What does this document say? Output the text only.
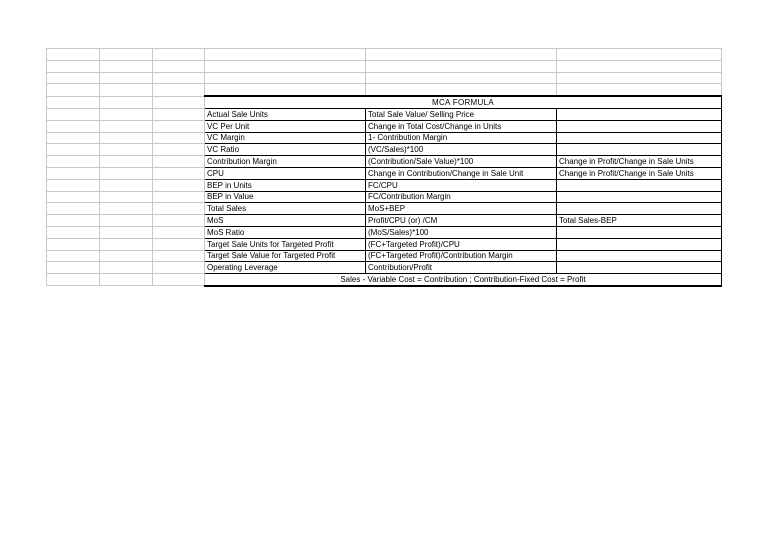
			MCA FORMULA		
			Actual Sale Units	Total Sale Value/ Selling Price	
			VC Per Unit	Change in Total Cost/Change in Units	
			VC Margin	1- Contribution Margin	
			VC Ratio	(VC/Sales)*100	
			Contribution Margin	(Contribution/Sale Value)*100	Change in Profit/Change in Sale Units
			CPU	Change in Contribution/Change in Sale Unit	Change in Profit/Change in Sale Units
			BEP in Units	FC/CPU	
			BEP in Value	FC/Contribution Margin	
			Total Sales	MoS+BEP	
			MoS	Profit/CPU (or) /CM	Total Sales-BEP
			MoS Ratio	(MoS/Sales)*100	
			Target Sale Units for Targeted Profit	(FC+Targeted Profit)/CPU	
			Target Sale Value for Targeted Profit	(FC+Targeted Profit)/Contribution Margin	
			Operating Leverage	Contribution/Profit	
			Sales - Variable Cost = Contribution ; Contribution-Fixed Cost = Profit		
